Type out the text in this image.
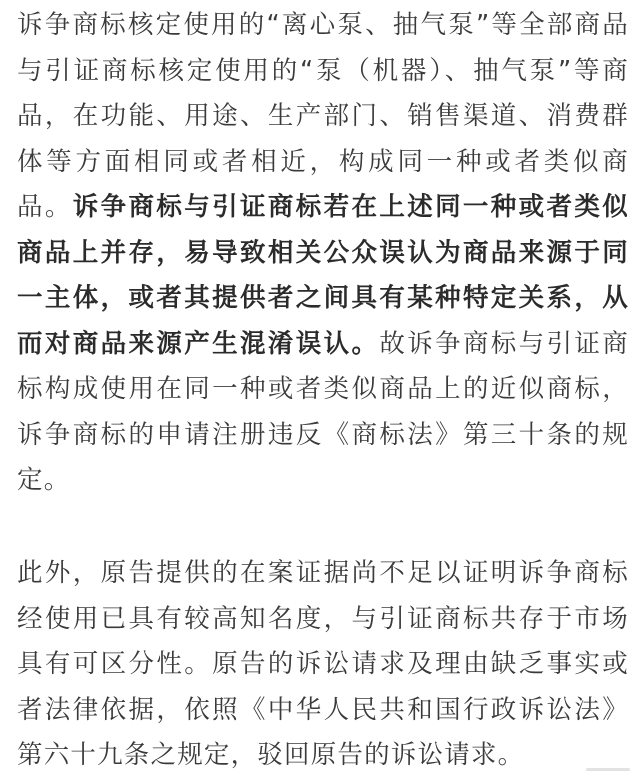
诉争商标核定使用的“离心泵、抽气泵”等全部商品与引证商标核定使用的“泵（机器）、抽气泵”等商品，在功能、用途、生产部门、销售渠道、消费群体等方面相同或者相近，构成同一种或者类似商品。诉争商标与引证商标若在上述同一种或者类似商品上并存，易导致相关公众误认为商品来源于同一主体，或者其提供者之间具有某种特定关系，从而对商品来源产生混淆误认。故诉争商标与引证商标构成使用在同一种或者类似商品上的近似商标，诉争商标的申请注册违反《商标法》第三十条的规定。

此外，原告提供的在案证据尚不足以证明诉争商标经使用已具有较高知名度，与引证商标共存于市场具有可区分性。原告的诉讼请求及理由缺乏事实或者法律依据，依照《中华人民共和国行政诉讼法》第六十九条之规定，驳回原告的诉讼请求。
